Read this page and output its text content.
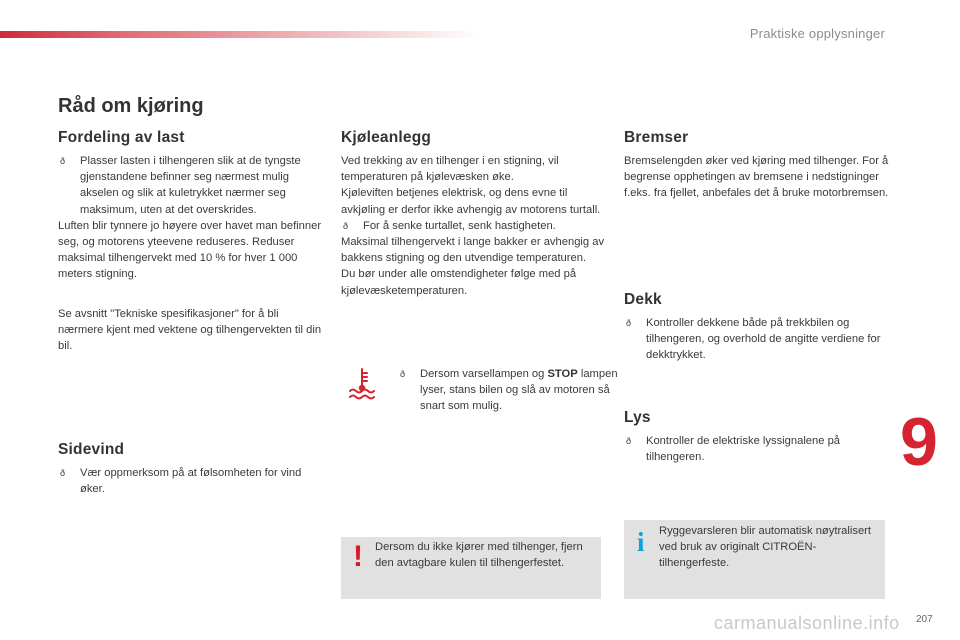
Praktiske opplysninger
Råd om kjøring
Fordeling av last

ð Plasser lasten i tilhengeren slik at de tyngste gjenstandene befinner seg nærmest mulig akselen og slik at kuletrykket nærmer seg maksimum, uten at det overskrides.

Luften blir tynnere jo høyere over havet man befinner seg, og motorens yteevene reduseres. Reduser maksimal tilhengervekt med 10 % for hver 1 000 meters stigning.

Se avsnitt "Tekniske spesifikasjoner" for å bli nærmere kjent med vektene og tilhengervekten til din bil.

Sidevind

ð Vær oppmerksom på at følsomheten for vind øker.

Kjøleanlegg

Ved trekking av en tilhenger i en stigning, vil temperaturen på kjølevæsken øke.

Kjøleviften betjenes elektrisk, og dens evne til avkjøling er derfor ikke avhengig av motorens turtall.

ð For å senke turtallet, senk hastigheten.

Maksimal tilhengervekt i lange bakker er avhengig av bakkens stigning og den utvendige temperaturen.

Du bør under alle omstendigheter følge med på kjølevæsketemperaturen.

ð Dersom varsellampen og STOP lampen lyser, stans bilen og slå av motoren så snart som mulig.

! Dersom du ikke kjører med tilhenger, fjern den avtagbare kulen til tilhengerfestet.

Bremser

Bremselengden øker ved kjøring med tilhenger. For å begrense opphetingen av bremsene i nedstigninger f.eks. fra fjellet, anbefales det å bruke motorbremsen.

Dekk

ð Kontroller dekkene både på trekkbilen og tilhengeren, og overhold de angitte verdiene for dekktrykket.

Lys

ð Kontroller de elektriske lyssignalene på tilhengeren.

i Ryggevarsleren blir automatisk nøytralisert ved bruk av originalt CITROËN-tilhengerfeste.

9
carmanualsonline.info 207
